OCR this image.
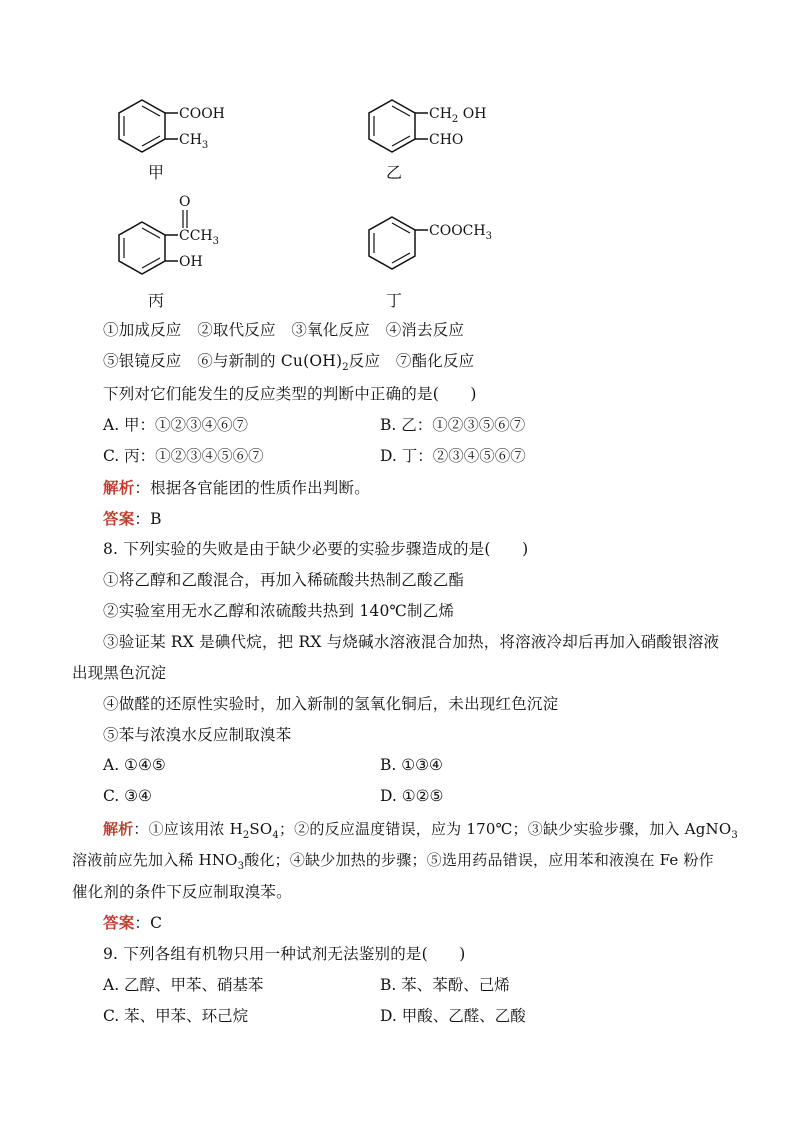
COOH
$CH_3$
甲
$CH_2$ OH
CHO
乙
O
$CCH_3$
OH
丙
$COOCH_3$
丁
①加成反应　②取代反应　③氧化反应　④消去反应
⑤银镜反应　⑥与新制的 $Cu(OH)_2$反应　⑦酯化反应
下列对它们能发生的反应类型的判断中正确的是(　　)
A. 甲：①②③④⑥⑦	B. 乙：①②③⑤⑥⑦
C. 丙：①②③④⑤⑥⑦	D. 丁：②③④⑤⑥⑦
解析：根据各官能团的性质作出判断。
答案：B
8. 下列实验的失败是由于缺少必要的实验步骤造成的是(　　)
①将乙醇和乙酸混合，再加入稀硫酸共热制乙酸乙酯
②实验室用无水乙醇和浓硫酸共热到 140℃制乙烯
③验证某 RX 是碘代烷，把 RX 与烧碱水溶液混合加热，将溶液冷却后再加入硝酸银溶液
出现黑色沉淀
④做醛的还原性实验时，加入新制的氢氧化铜后，未出现红色沉淀
⑤苯与浓溴水反应制取溴苯
A. ①④⑤	B. ①③④
C. ③④	D. ①②⑤
解析：①应该用浓 $H_2SO_4$；②的反应温度错误，应为 170℃；③缺少实验步骤，加入 AgNO$_3$
溶液前应先加入稀 $HNO_3$酸化；④缺少加热的步骤；⑤选用药品错误，应用苯和液溴在 Fe 粉作
催化剂的条件下反应制取溴苯。
答案：C
9. 下列各组有机物只用一种试剂无法鉴别的是(　　)
A. 乙醇、甲苯、硝基苯	B. 苯、苯酚、己烯
C. 苯、甲苯、环己烷	D. 甲酸、乙醛、乙酸
